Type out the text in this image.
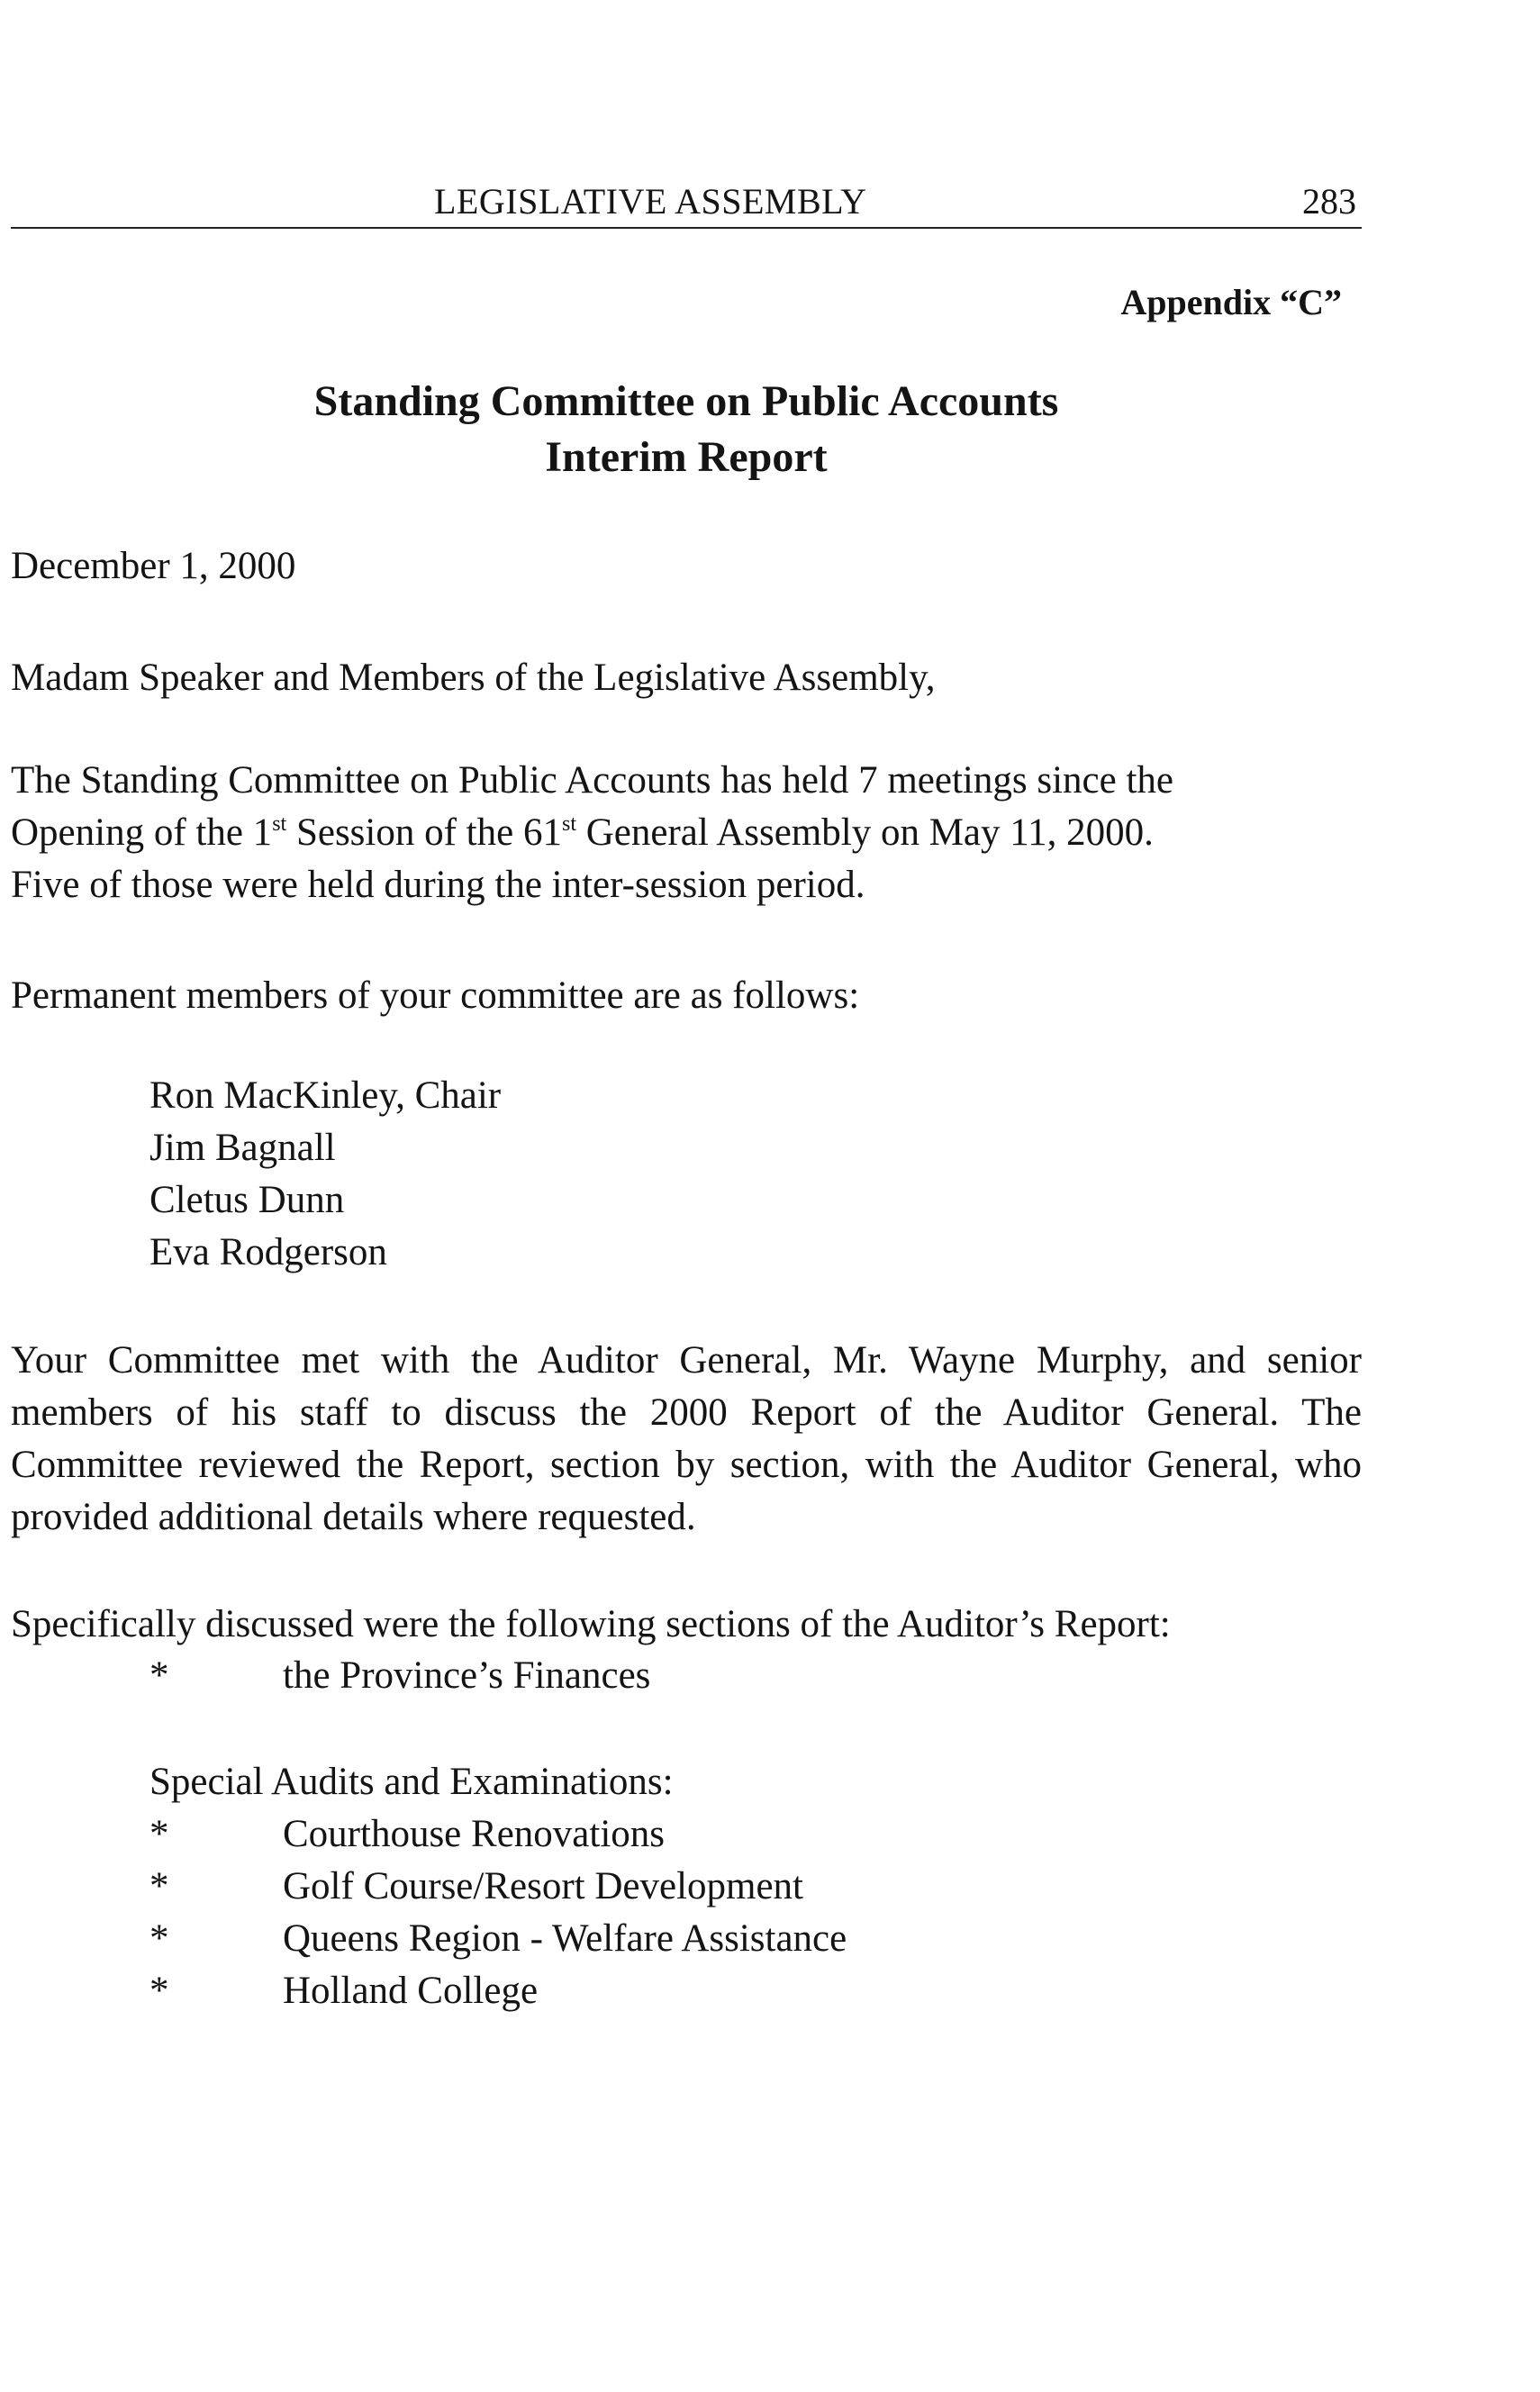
LEGISLATIVE ASSEMBLY	283
Appendix “C”
Standing Committee on Public Accounts
Interim Report
December 1, 2000
Madam Speaker and Members of the Legislative Assembly,
The Standing Committee on Public Accounts has held 7 meetings since the
Opening of the 1st Session of the 61st General Assembly on May 11, 2000.
Five of those were held during the inter-session period.
Permanent members of your committee are as follows:
Ron MacKinley, Chair
Jim Bagnall
Cletus Dunn
Eva Rodgerson
Your Committee met with the Auditor General, Mr. Wayne Murphy, and senior members of his staff to discuss the 2000 Report of the Auditor General. The Committee reviewed the Report, section by section, with the Auditor General, who provided additional details where requested.
Specifically discussed were the following sections of the Auditor’s Report:
*	the Province’s Finances
Special Audits and Examinations:
*	Courthouse Renovations
*	Golf Course/Resort Development
*	Queens Region - Welfare Assistance
*	Holland College
